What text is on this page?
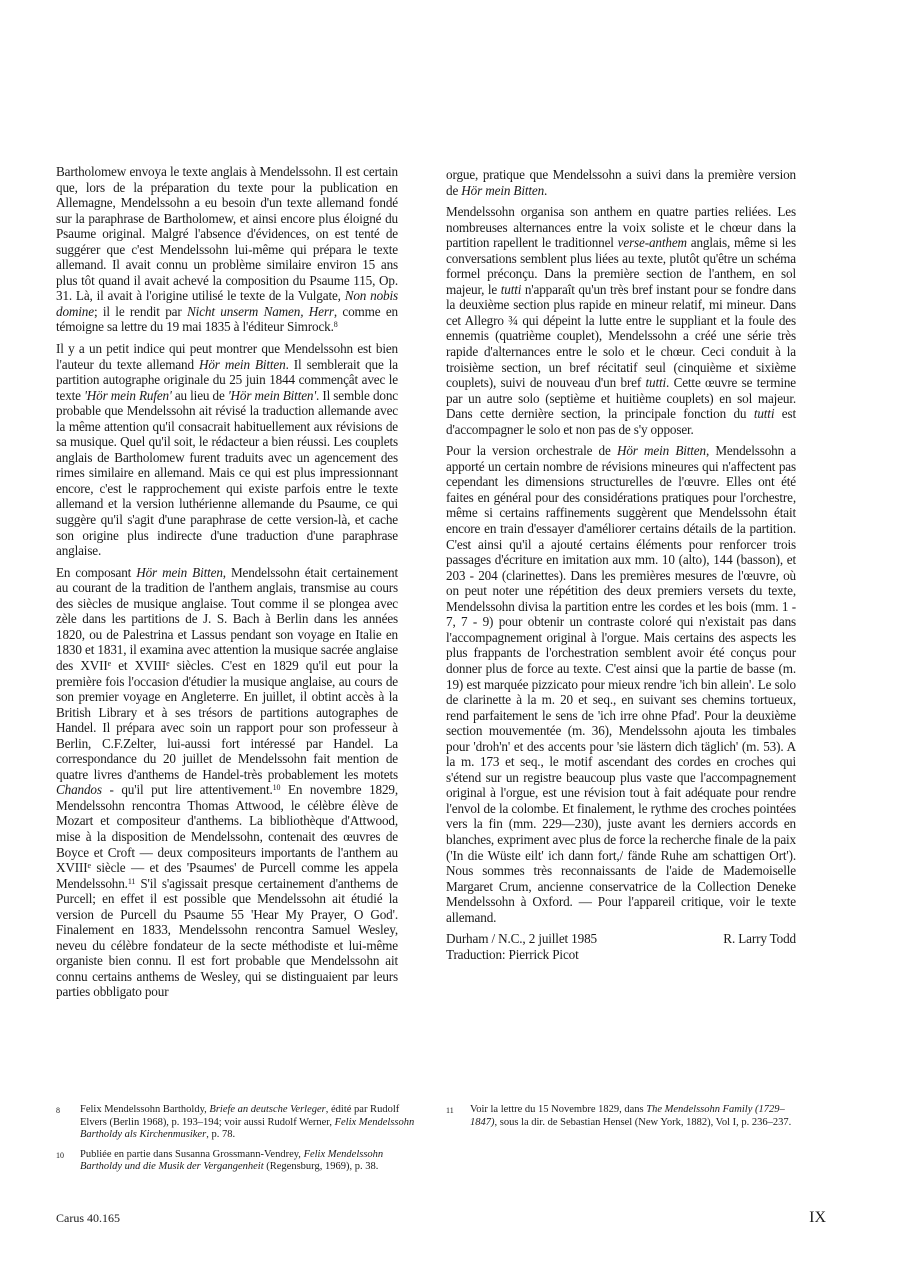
Bartholomew envoya le texte anglais à Mendelssohn. Il est certain que, lors de la préparation du texte pour la publication en Allemagne, Mendelssohn a eu besoin d'un texte allemand fondé sur la paraphrase de Bartholomew, et ainsi encore plus éloigné du Psaume original. Malgré l'absence d'évidences, on est tenté de suggérer que c'est Mendelssohn lui-même qui prépara le texte allemand. Il avait connu un problème similaire environ 15 ans plus tôt quand il avait achevé la composition du Psaume 115, Op. 31. Là, il avait à l'origine utilisé le texte de la Vulgate, Non nobis domine; il le rendit par Nicht unserm Namen, Herr, comme en témoigne sa lettre du 19 mai 1835 à l'éditeur Simrock.$^8$

Il y a un petit indice qui peut montrer que Mendelssohn est bien l'auteur du texte allemand Hör mein Bitten. Il semblerait que la partition autographe originale du 25 juin 1844 commençât avec le texte 'Hör mein Rufen' au lieu de 'Hör mein Bitten'. Il semble donc probable que Mendelssohn ait révisé la traduction allemande avec la même attention qu'il consacrait habituellement aux révisions de sa musique. Quel qu'il soit, le rédacteur a bien réussi. Les couplets anglais de Bartholomew furent traduits avec un agencement des rimes similaire en allemand. Mais ce qui est plus impressionnant encore, c'est le rapprochement qui existe parfois entre le texte allemand et la version luthérienne allemande du Psaume, ce qui suggère qu'il s'agit d'une paraphrase de cette version-là, et cache son origine plus indirecte d'une traduction d'une paraphrase anglaise.

En composant Hör mein Bitten, Mendelssohn était certainement au courant de la tradition de l'anthem anglais, transmise au cours des siècles de musique anglaise. Tout comme il se plongea avec zèle dans les partitions de J. S. Bach à Berlin dans les années 1820, ou de Palestrina et Lassus pendant son voyage en Italie en 1830 et 1831, il examina avec attention la musique sacrée anglaise des XVIIe et XVIIIe siècles. C'est en 1829 qu'il eut pour la première fois l'occasion d'étudier la musique anglaise, au cours de son premier voyage en Angleterre. En juillet, il obtint accès à la British Library et à ses trésors de partitions autographes de Handel. Il prépara avec soin un rapport pour son professeur à Berlin, C.F.Zelter, lui-aussi fort intéressé par Handel. La correspondance du 20 juillet de Mendelssohn fait mention de quatre livres d'anthems de Handel-très probablement les motets Chandos - qu'il put lire attentivement.$^{10}$ En novembre 1829, Mendelssohn rencontra Thomas Attwood, le célèbre élève de Mozart et compositeur d'anthems. La bibliothèque d'Attwood, mise à la disposition de Mendelssohn, contenait des œuvres de Boyce et Croft — deux compositeurs importants de l'anthem au XVIIIe siècle — et des 'Psaumes' de Purcell comme les appela Mendelssohn.$^{11}$ S'il s'agissait presque certainement d'anthems de Purcell; en effet il est possible que Mendelssohn ait étudié la version de Purcell du Psaume 55 'Hear My Prayer, O God'. Finalement en 1833, Mendelssohn rencontra Samuel Wesley, neveu du célèbre fondateur de la secte méthodiste et lui-même organiste bien connu. Il est fort probable que Mendelssohn ait connu certains anthems de Wesley, qui se distinguaient par leurs parties obbligato pour

orgue, pratique que Mendelssohn a suivi dans la première version de Hör mein Bitten.

Mendelssohn organisa son anthem en quatre parties reliées. Les nombreuses alternances entre la voix soliste et le chœur dans la partition rapellent le traditionnel verse-anthem anglais, même si les conversations semblent plus liées au texte, plutôt qu'être un schéma formel préconçu. Dans la première section de l'anthem, en sol majeur, le tutti n'apparaît qu'un très bref instant pour se fondre dans la deuxième section plus rapide en mineur relatif, mi mineur. Dans cet Allegro ¾ qui dépeint la lutte entre le suppliant et la foule des ennemis (quatrième couplet), Mendelssohn a créé une série très rapide d'alternances entre le solo et le chœur. Ceci conduit à la troisième section, un bref récitatif seul (cinquième et sixième couplets), suivi de nouveau d'un bref tutti. Cette œuvre se termine par un autre solo (septième et huitième couplets) en sol majeur. Dans cette dernière section, la principale fonction du tutti est d'accompagner le solo et non pas de s'y opposer.

Pour la version orchestrale de Hör mein Bitten, Mendelssohn a apporté un certain nombre de révisions mineures qui n'affectent pas cependant les dimensions structurelles de l'œuvre. Elles ont été faites en général pour des considérations pratiques pour l'orchestre, même si certains raffinements suggèrent que Mendelssohn était encore en train d'essayer d'améliorer certains détails de la partition. C'est ainsi qu'il a ajouté certains éléments pour renforcer trois passages d'écriture en imitation aux mm. 10 (alto), 144 (basson), et 203 - 204 (clarinettes). Dans les premières mesures de l'œuvre, où on peut noter une répétition des deux premiers versets du texte, Mendelssohn divisa la partition entre les cordes et les bois (mm. 1 - 7, 7 - 9) pour obtenir un contraste coloré qui n'existait pas dans l'accompagnement original à l'orgue. Mais certains des aspects les plus frappants de l'orchestration semblent avoir été conçus pour donner plus de force au texte. C'est ainsi que la partie de basse (m. 19) est marquée pizzicato pour mieux rendre 'ich bin allein'. Le solo de clarinette à la m. 20 et seq., en suivant ses chemins tortueux, rend parfaitement le sens de 'ich irre ohne Pfad'. Pour la deuxième section mouvementée (m. 36), Mendelssohn ajouta les timbales pour 'droh'n' et des accents pour 'sie lästern dich täglich' (m. 53). A la m. 173 et seq., le motif ascendant des cordes en croches qui s'étend sur un registre beaucoup plus vaste que l'accompagnement original à l'orgue, est une révision tout à fait adéquate pour rendre l'envol de la colombe. Et finalement, le rythme des croches pointées vers la fin (mm. 229—230), juste avant les derniers accords en blanches, expriment avec plus de force la recherche finale de la paix ('In die Wüste eilt' ich dann fort,/ fände Ruhe am schattigen Ort'). Nous sommes très reconnaissants de l'aide de Mademoiselle Margaret Crum, ancienne conservatrice de la Collection Deneke Mendelssohn à Oxford. — Pour l'appareil critique, voir le texte allemand.

Durham / N.C., 2 juillet 1985
Traduction: Pierrick Picot
R. Larry Todd
8	Felix Mendelssohn Bartholdy, Briefe an deutsche Verleger, édité par Rudolf Elvers (Berlin 1968), p. 193–194; voir aussi Rudolf Werner, Felix Mendelssohn Bartholdy als Kirchenmusiker, p. 78.
10	Publiée en partie dans Susanna Grossmann-Vendrey, Felix Mendelssohn Bartholdy und die Musik der Vergangenheit (Regensburg, 1969), p. 38.
11	Voir la lettre du 15 Novembre 1829, dans The Mendelssohn Family (1729–1847), sous la dir. de Sebastian Hensel (New York, 1882), Vol I, p. 236–237.
Carus 40.165	IX
